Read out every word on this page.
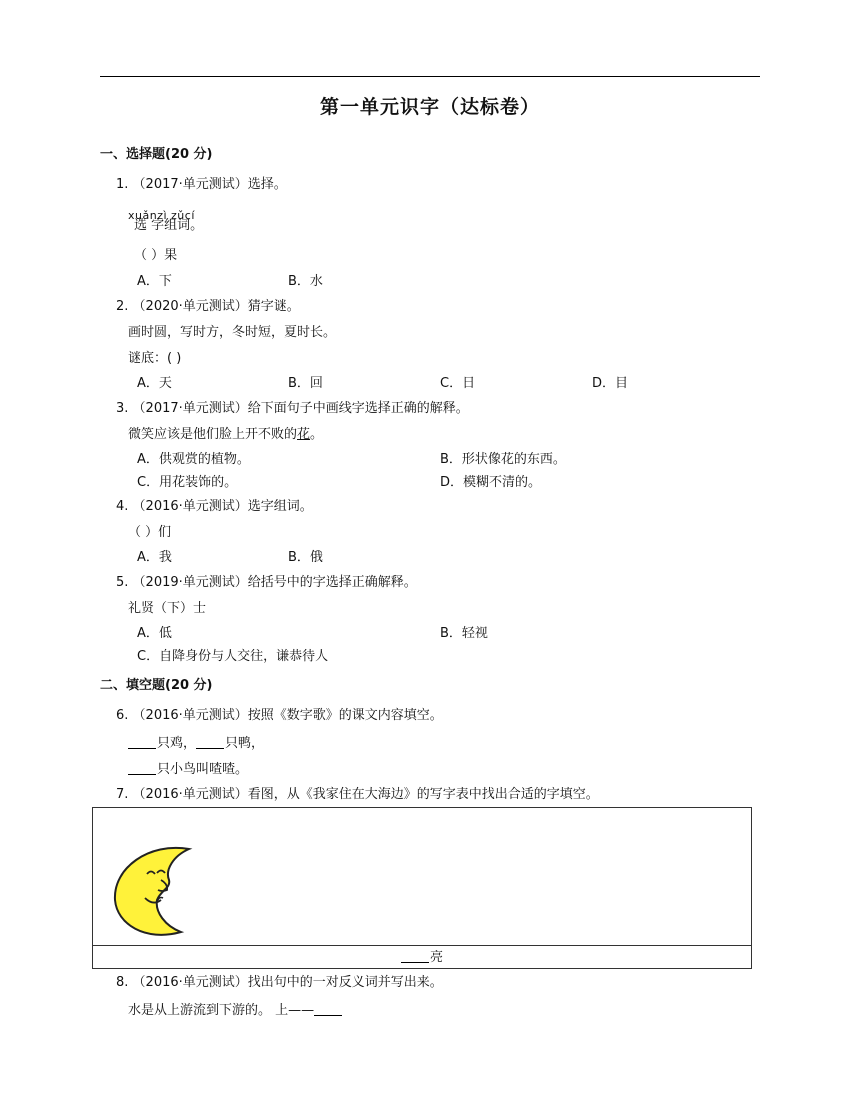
第一单元识字（达标卷）
一、选择题(20 分)
1. （2017·单元测试）选择。
xuǎnzì zǔcí
选 字组词。
（ ）果
A．下	B．水
2. （2020·单元测试）猜字谜。
画时圆，写时方，冬时短，夏时长。
谜底：( )
A．天	B．回	C．日	D．目
3. （2017·单元测试）给下面句子中画线字选择正确的解释。
微笑应该是他们脸上开不败的花。
A．供观赏的植物。	B．形状像花的东西。
C．用花装饰的。	D．模糊不清的。
4. （2016·单元测试）选字组词。
（ ）们
A．我	B．俄
5. （2019·单元测试）给括号中的字选择正确解释。
礼贤（下）士
A．低	B．轻视
C．自降身份与人交往，谦恭待人
二、填空题(20 分)
6. （2016·单元测试）按照《数字歌》的课文内容填空。
只鸡， 只鸭，
只小鸟叫喳喳。
7. （2016·单元测试）看图，从《我家住在大海边》的写字表中找出合适的字填空。
亮
8. （2016·单元测试）找出句中的一对反义词并写出来。
水是从上游流到下游的。 上——
